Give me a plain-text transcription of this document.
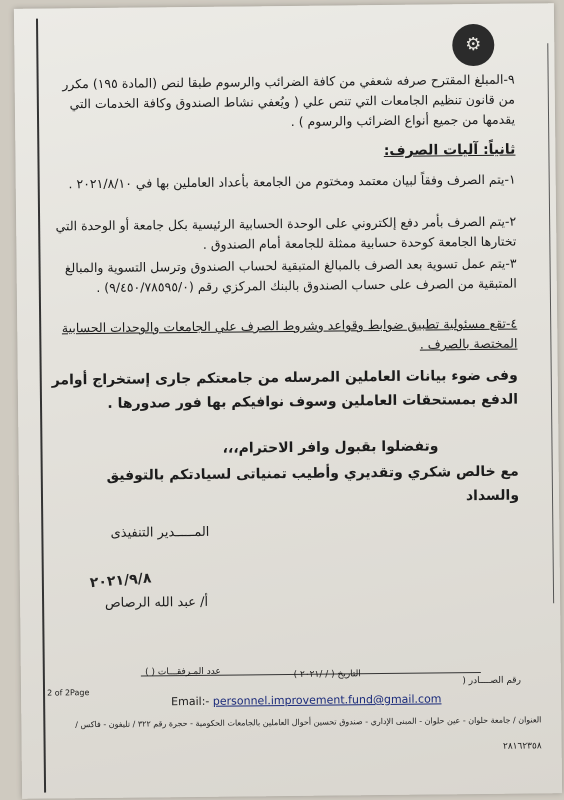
⚙
٩-المبلغ المقترح صرفه شعفي من كافة الضرائب والرسوم طبقا لنص (المادة ١٩٥) مكرر من قانون تنظيم الجامعات التي تنص علي ( ويُعفي نشاط الصندوق وكافة الخدمات التي يقدمها من جميع أنواع الضرائب والرسوم ) .
ثانياً: آليات الصرف:
١-يتم الصرف وفقاً لبيان معتمد ومختوم من الجامعة بأعداد العاملين بها في ٢٠٢١/٨/١٠ .
٢-يتم الصرف بأمر دفع إلكتروني على الوحدة الحسابية الرئيسية بكل جامعة أو الوحدة التي تختارها الجامعة كوحدة حسابية ممثلة للجامعة أمام الصندوق .
٣-يتم عمل تسوية بعد الصرف بالمبالغ المتبقية لحساب الصندوق وترسل التسوية والمبالغ المتبقية من الصرف على حساب الصندوق بالبنك المركزي رقم (٩/٤٥٠/٧٨٥٩٥/٠) .
٤-تقع مسئولية تطبيق ضوابط وقواعد وشروط الصرف علي الجامعات والوحدات الحسابية المختصة بالصرف .
وفى ضوء بيانات العاملين المرسله من جامعتكم جارى إستخراج أوامر الدفع بمستحقات العاملين وسوف نوافيكم بها فور صدورها .
وتفضلوا بقبول وافر الاحترام،،،
مع خالص شكري وتقديري وأطيب تمنياتى لسيادتكم بالتوفيق والسداد
المـــــدير التنفيذى
٢٠٢١/٩/٨
أ/ عبد الله الرصاص
رقم الصــــادر (
التاريخ ( / /٢٠٢١ )
عدد المـرفقـــات ( )
2 of 2Page
Email:- personnel.improvement.fund@gmail.com
العنوان / جامعة حلوان - عين حلوان - المبنى الإداري - صندوق تحسين أحوال العاملين بالجامعات الحكومية - حجرة رقم ٣٢٢ / تليفون - فاكس /
٢٨١٦٢٣٥٨
